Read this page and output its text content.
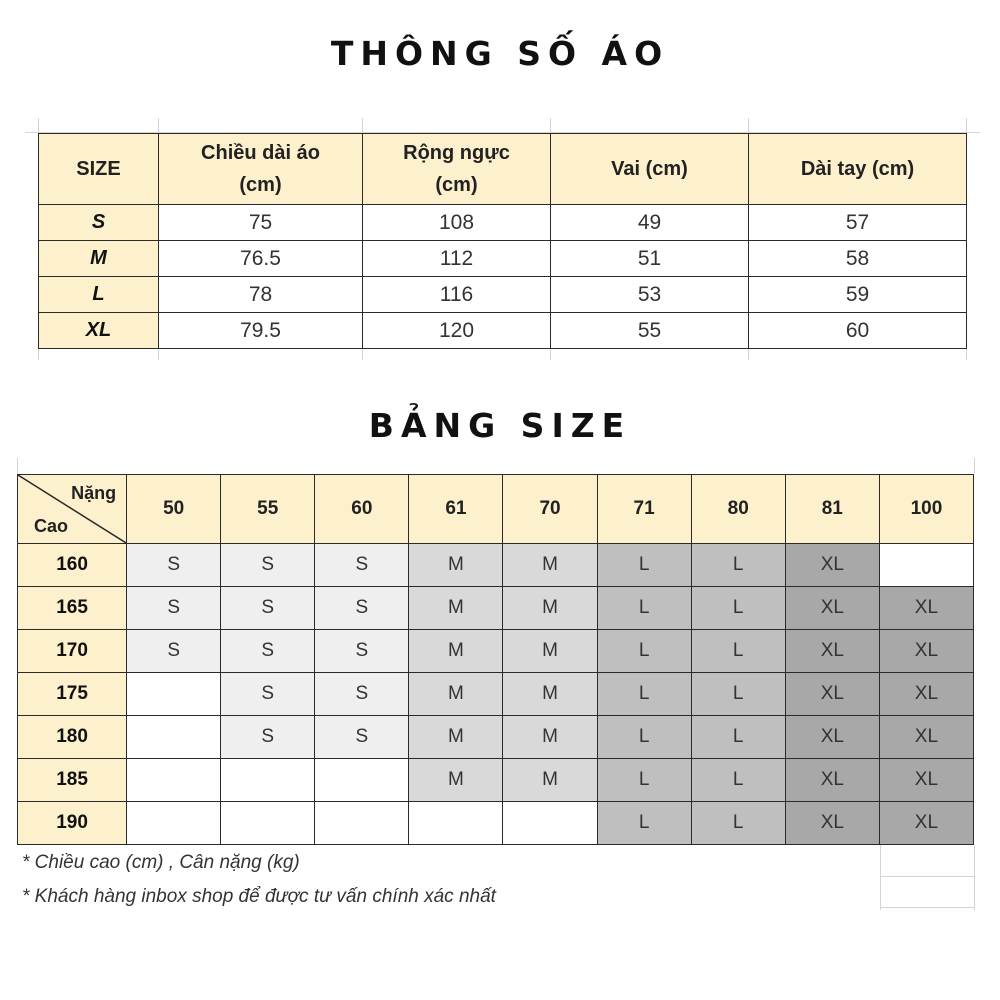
THÔNG SỐ ÁO
SIZE	Chiều dài áo (cm)	Rộng ngực (cm)	Vai (cm)	Dài tay (cm)
S	75	108	49	57
M	76.5	112	51	58
L	78	116	53	59
XL	79.5	120	55	60
BẢNG SIZE
Nặng
Cao	50	55	60	61	70	71	80	81	100
160	S	S	S	M	M	L	L	XL	
165	S	S	S	M	M	L	L	XL	XL
170	S	S	S	M	M	L	L	XL	XL
175		S	S	M	M	L	L	XL	XL
180		S	S	M	M	L	L	XL	XL
185				M	M	L	L	XL	XL
190						L	L	XL	XL
* Chiều cao (cm) , Cân nặng (kg)
* Khách hàng inbox shop để được tư vấn chính xác nhất
